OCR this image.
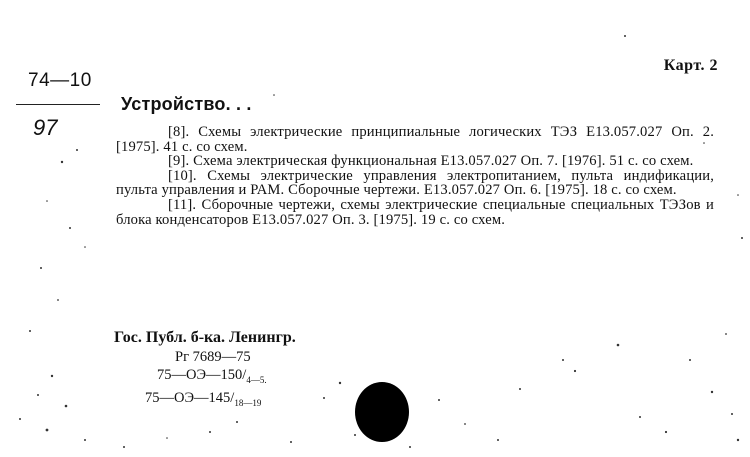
Карт. 2
74—10
97
Устройство. . .

[8]. Схемы электрические принципиальные логических ТЭЗ Е13.057.027 Оп. 2. [1975]. 41 с. со схем.

[9]. Схема электрическая функциональная Е13.057.027 Оп. 7. [1976]. 51 с. со схем.

[10]. Схемы электрические управления электропитанием, пульта индификации, пульта управления и РАМ. Сборочные чертежи. Е13.057.027 Оп. 6. [1975]. 18 с. со схем.

[11]. Сборочные чертежи, схемы электрические специальные специальных ТЭЗов и блока конденсаторов Е13.057.027 Оп. 3. [1975]. 19 с. со схем.

Гос. Публ. б-ка. Ленингр.
Рг 7689—75
$75—ОЭ—150/_{4—5.}$
$75—ОЭ—145/_{18—19}$
